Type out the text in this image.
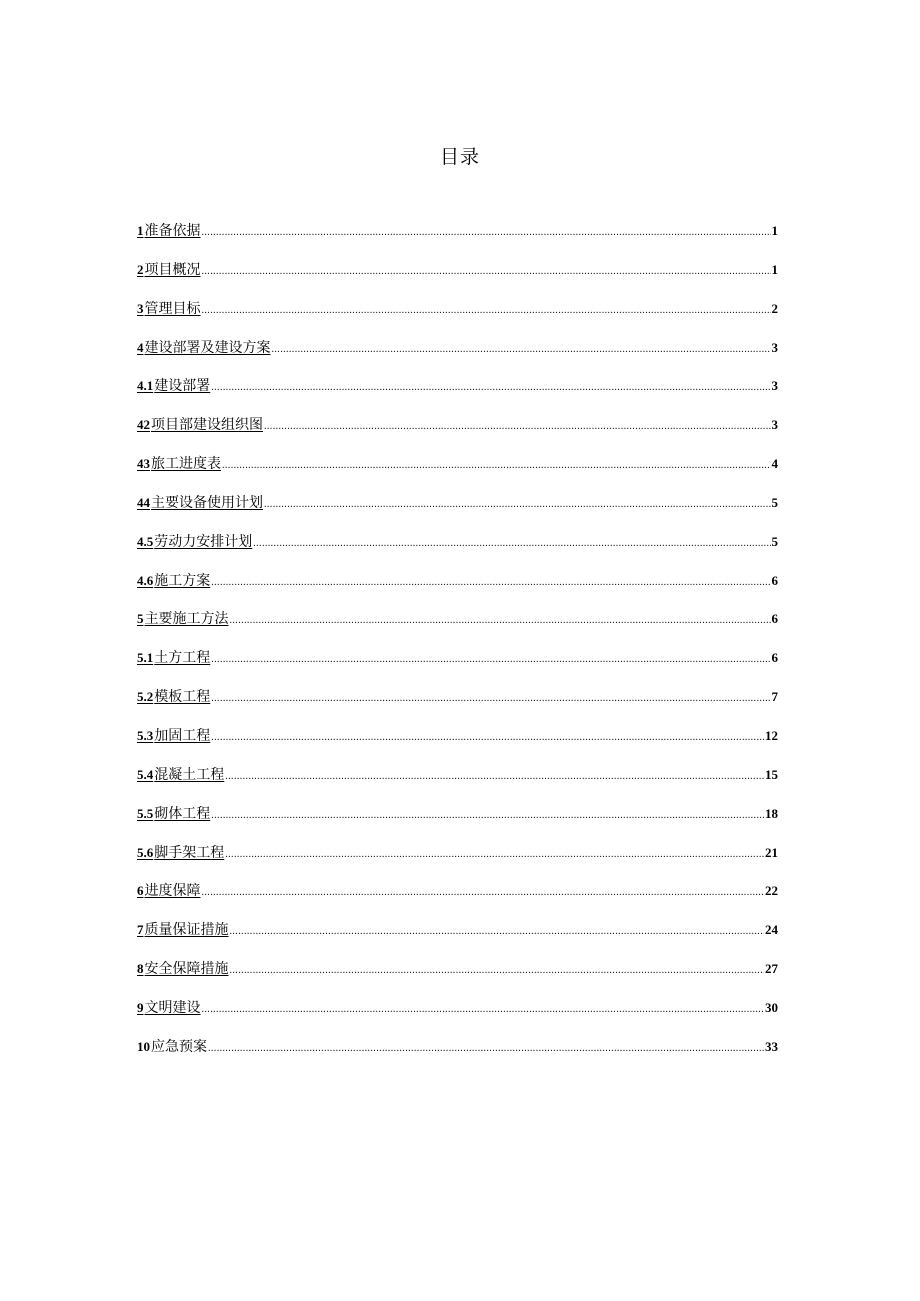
目录
1准备依据 .....	1
2项目概况 .....	1
3管理目标 .....	2
4建设部署及建设方案 .....	3
4.1建设部署 .....	3
42项目部建设组织图 .....	3
43旅工进度表 .....	4
44主要设备使用计划 .....	5
4.5劳动力安排计划 .....	5
4.6施工方案 .....	6
5主要施工方法 .....	6
5.1土方工程 .....	6
5.2模板工程 .....	7
5.3加固工程 .....	12
5.4混凝土工程 .....	15
5.5砌体工程 .....	18
5.6脚手架工程 .....	21
6进度保障 .....	22
7质量保证措施 .....	24
8安全保障措施 .....	27
9文明建设 .....	30
10应急预案 .....	33
